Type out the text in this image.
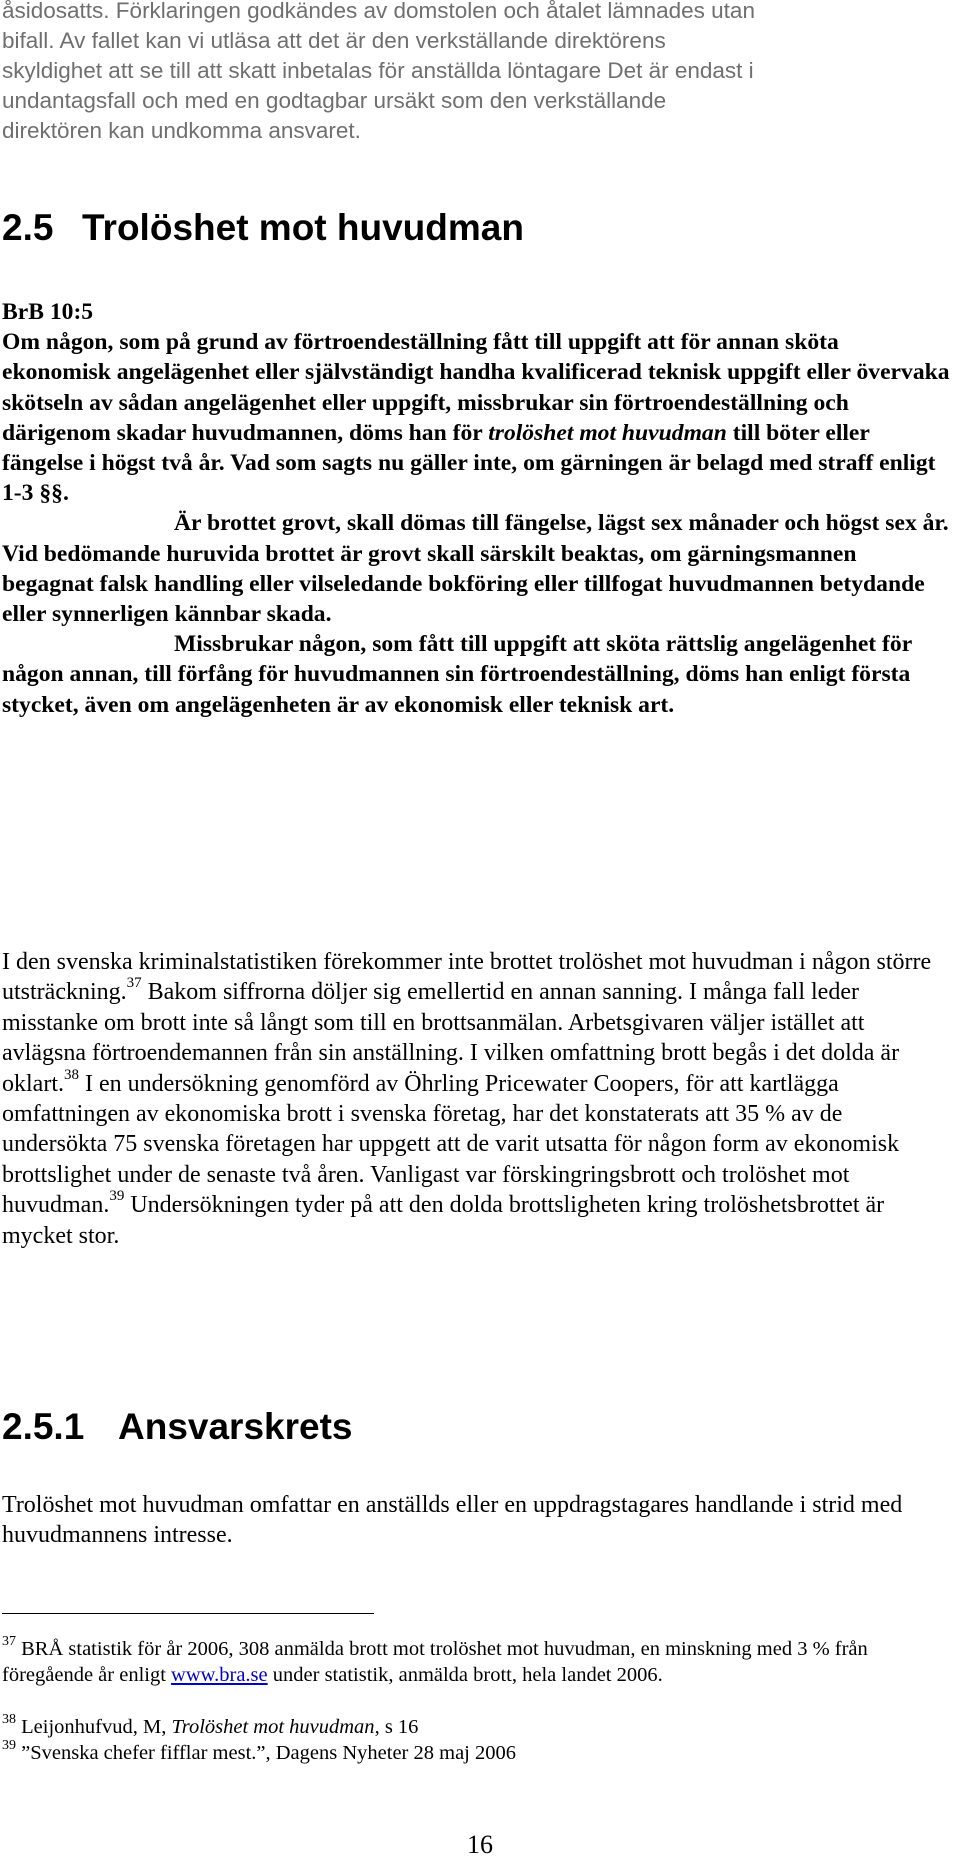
åsidosatts. Förklaringen godkändes av domstolen och åtalet lämnades utan
bifall. Av fallet kan vi utläsa att det är den verkställande direktörens
skyldighet att se till att skatt inbetalas för anställda löntagare Det är endast i
undantagsfall och med en godtagbar ursäkt som den verkställande
direktören kan undkomma ansvaret.
2.5 Trolöshet mot huvudman
BrB 10:5
Om någon, som på grund av förtroendeställning fått till uppgift att för annan sköta ekonomisk angelägenhet eller självständigt handha kvalificerad teknisk uppgift eller övervaka skötseln av sådan angelägenhet eller uppgift, missbrukar sin förtroendeställning och därigenom skadar huvudmannen, döms han för trolöshet mot huvudman till böter eller fängelse i högst två år. Vad som sagts nu gäller inte, om gärningen är belagd med straff enligt 1-3 §§.
Är brottet grovt, skall dömas till fängelse, lägst sex månader och högst sex år. Vid bedömande huruvida brottet är grovt skall särskilt beaktas, om gärningsmannen begagnat falsk handling eller vilseledande bokföring eller tillfogat huvudmannen betydande eller synnerligen kännbar skada.
Missbrukar någon, som fått till uppgift att sköta rättslig angelägenhet för någon annan, till förfång för huvudmannen sin förtroendeställning, döms han enligt första stycket, även om angelägenheten är av ekonomisk eller teknisk art.
I den svenska kriminalstatistiken förekommer inte brottet trolöshet mot huvudman i någon större utsträckning.$^{37}$ Bakom siffrorna döljer sig emellertid en annan sanning. I många fall leder misstanke om brott inte så långt som till en brottsanmälan. Arbetsgivaren väljer istället att avlägsna förtroendemannen från sin anställning. I vilken omfattning brott begås i det dolda är oklart.$^{38}$ I en undersökning genomförd av Öhrling Pricewater Coopers, för att kartlägga omfattningen av ekonomiska brott i svenska företag, har det konstaterats att 35 % av de undersökta 75 svenska företagen har uppgett att de varit utsatta för någon form av ekonomisk brottslighet under de senaste två åren. Vanligast var förskingringsbrott och trolöshet mot huvudman.$^{39}$ Undersökningen tyder på att den dolda brottsligheten kring trolöshetsbrottet är mycket stor.
2.5.1 Ansvarskrets
Trolöshet mot huvudman omfattar en anställds eller en uppdragstagares handlande i strid med huvudmannens intresse.
$^{37}$ BRÅ statistik för år 2006, 308 anmälda brott mot trolöshet mot huvudman, en minskning med 3 % från föregående år enligt www.bra.se under statistik, anmälda brott, hela landet 2006.
$^{38}$ Leijonhufvud, M, Trolöshet mot huvudman, s 16
$^{39}$ ”Svenska chefer fifflar mest.”, Dagens Nyheter 28 maj 2006
16
